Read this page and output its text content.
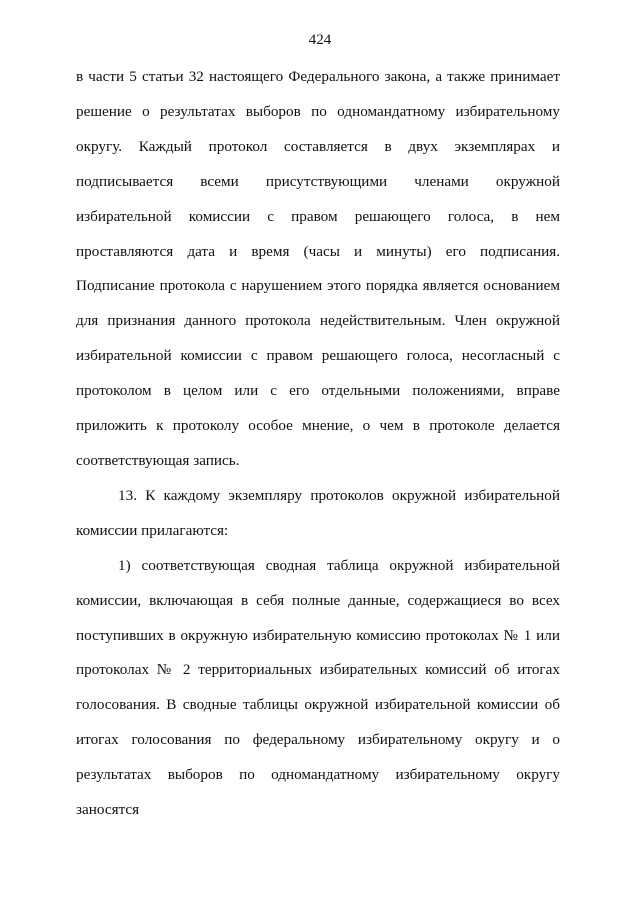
424

в части 5 статьи 32 настоящего Федерального закона, а также принимает решение о результатах выборов по одномандатному избирательному округу. Каждый протокол составляется в двух экземплярах и подписывается всеми присутствующими членами окружной избирательной комиссии с правом решающего голоса, в нем проставляются дата и время (часы и минуты) его подписания. Подписание протокола с нарушением этого порядка является основанием для признания данного протокола недействительным. Член окружной избирательной комиссии с правом решающего голоса, несогласный с протоколом в целом или с его отдельными положениями, вправе приложить к протоколу особое мнение, о чем в протоколе делается соответствующая запись.

13. К каждому экземпляру протоколов окружной избирательной комиссии прилагаются:

1) соответствующая сводная таблица окружной избирательной комиссии, включающая в себя полные данные, содержащиеся во всех поступивших в окружную избирательную комиссию протоколах № 1 или протоколах № 2 территориальных избирательных комиссий об итогах голосования. В сводные таблицы окружной избирательной комиссии об итогах голосования по федеральному избирательному округу и о результатах выборов по одномандатному избирательному округу заносятся
